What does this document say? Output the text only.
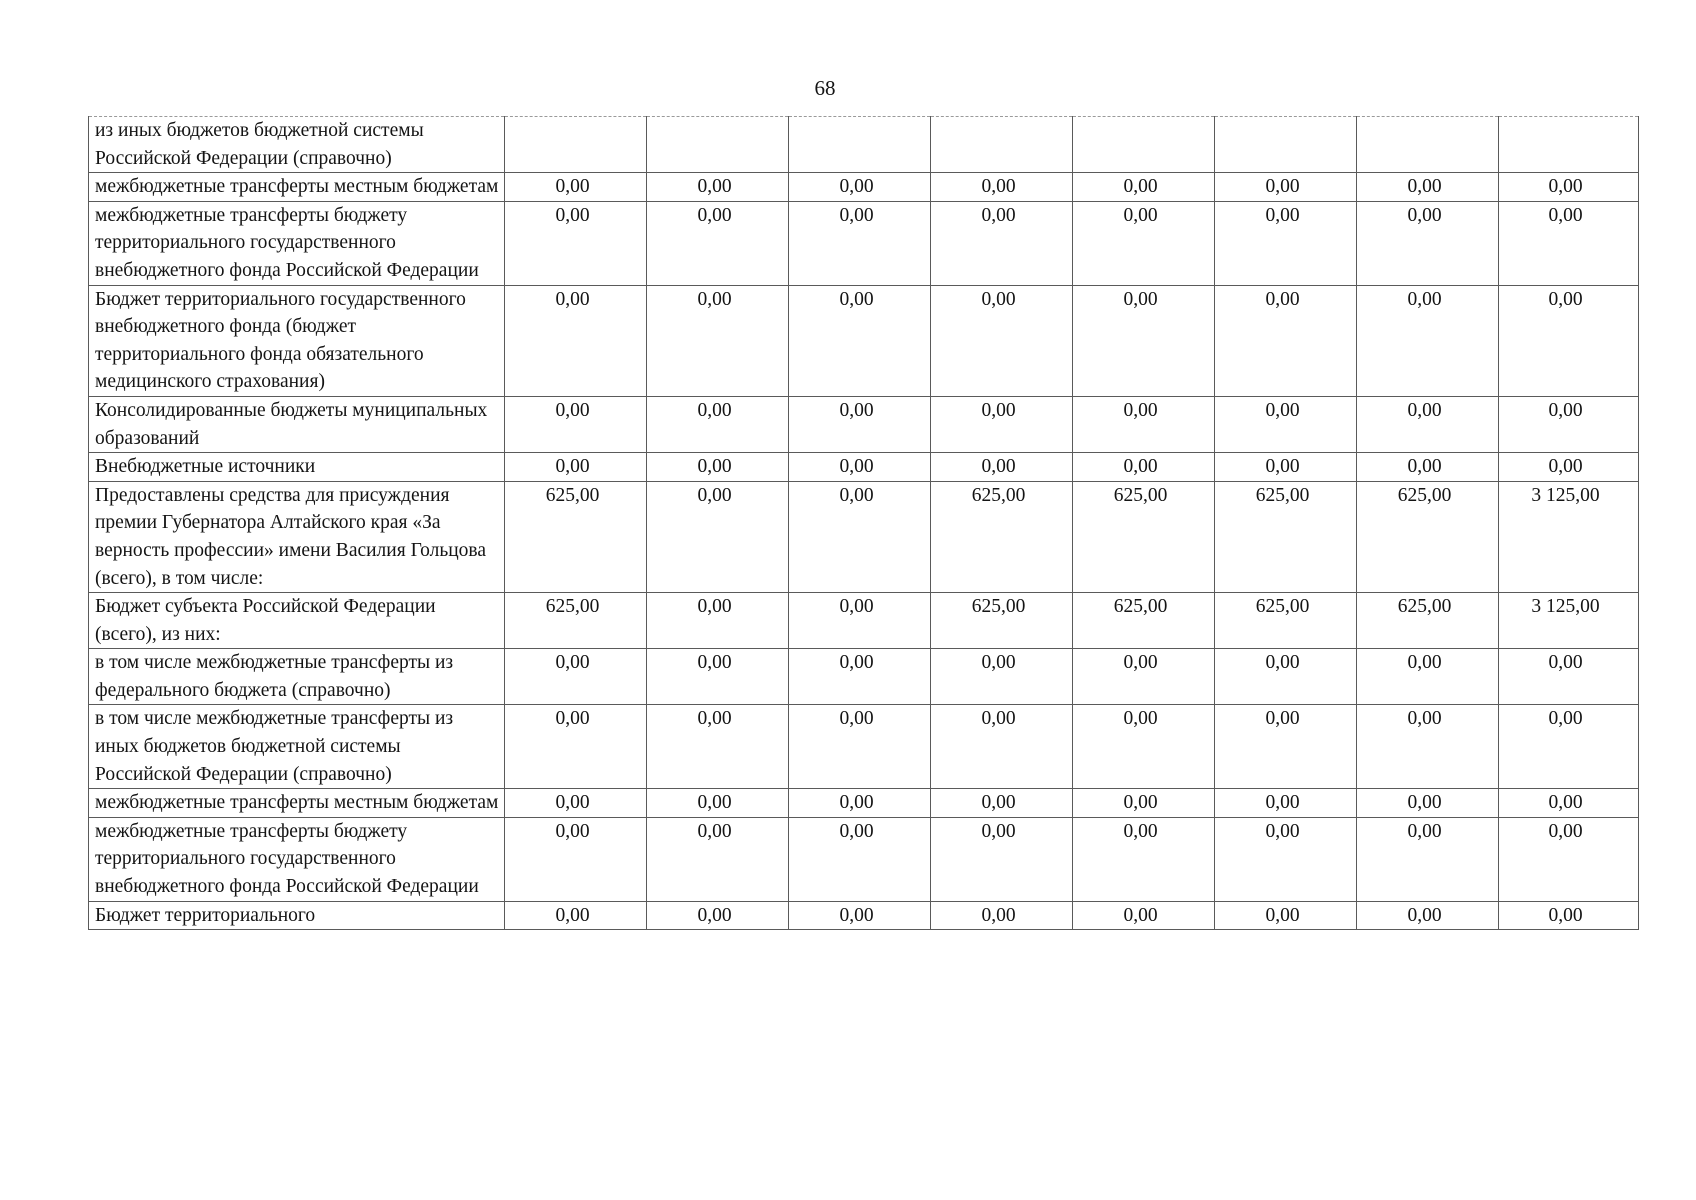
68
из иных бюджетов бюджетной системы Российской Федерации (справочно)								
межбюджетные трансферты местным бюджетам	0,00	0,00	0,00	0,00	0,00	0,00	0,00	0,00
межбюджетные трансферты бюджету территориального государственного внебюджетного фонда Российской Федерации	0,00	0,00	0,00	0,00	0,00	0,00	0,00	0,00
Бюджет территориального государственного внебюджетного фонда (бюджет территориального фонда обязательного медицинского страхования)	0,00	0,00	0,00	0,00	0,00	0,00	0,00	0,00
Консолидированные бюджеты муниципальных образований	0,00	0,00	0,00	0,00	0,00	0,00	0,00	0,00
Внебюджетные источники	0,00	0,00	0,00	0,00	0,00	0,00	0,00	0,00
Предоставлены средства для присуждения премии Губернатора Алтайского края «За верность профессии» имени Василия Гольцова (всего), в том числе:	625,00	0,00	0,00	625,00	625,00	625,00	625,00	3 125,00
Бюджет субъекта Российской Федерации (всего), из них:	625,00	0,00	0,00	625,00	625,00	625,00	625,00	3 125,00
в том числе межбюджетные трансферты из федерального бюджета (справочно)	0,00	0,00	0,00	0,00	0,00	0,00	0,00	0,00
в том числе межбюджетные трансферты из иных бюджетов бюджетной системы Российской Федерации (справочно)	0,00	0,00	0,00	0,00	0,00	0,00	0,00	0,00
межбюджетные трансферты местным бюджетам	0,00	0,00	0,00	0,00	0,00	0,00	0,00	0,00
межбюджетные трансферты бюджету территориального государственного внебюджетного фонда Российской Федерации	0,00	0,00	0,00	0,00	0,00	0,00	0,00	0,00
Бюджет территориального	0,00	0,00	0,00	0,00	0,00	0,00	0,00	0,00
